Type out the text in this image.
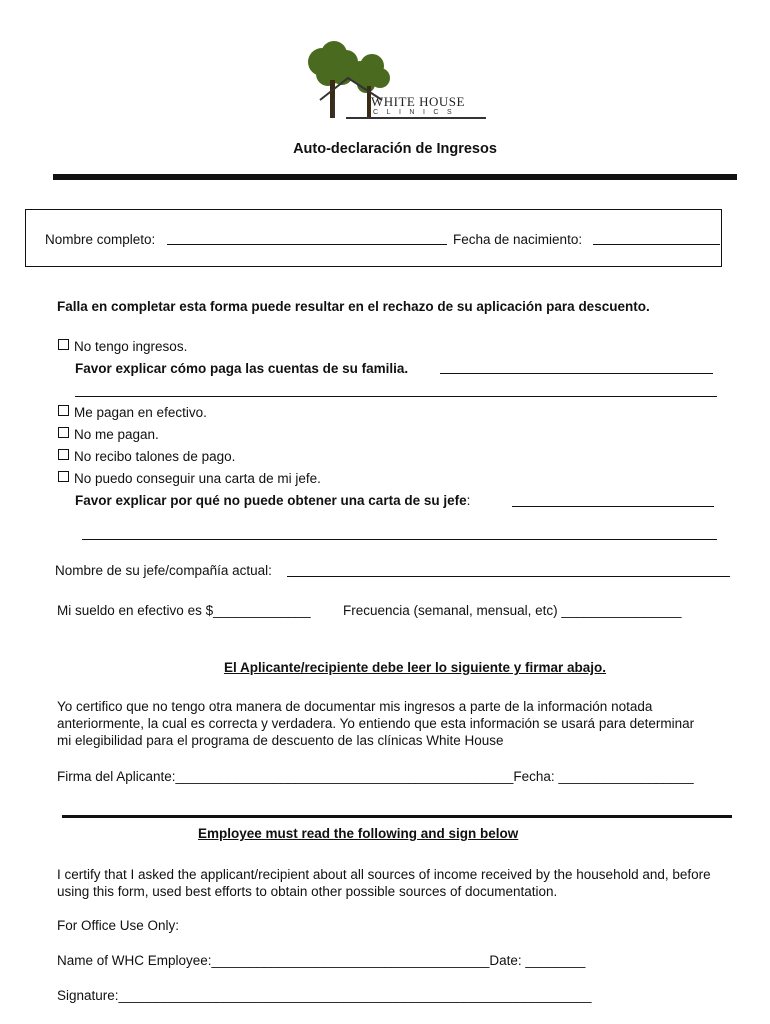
WHITE HOUSE
CLINICS
Auto-declaración de Ingresos
Nombre completo:	Fecha de nacimiento:
Falla en completar esta forma puede resultar en el rechazo de su aplicación para descuento.
No tengo ingresos.
Favor explicar cómo paga las cuentas de su familia.
Me pagan en efectivo.
No me pagan.
No recibo talones de pago.
No puedo conseguir una carta de mi jefe.
Favor explicar por qué no puede obtener una carta de su jefe:
Nombre de su jefe/compañía actual:
Mi sueldo en efectivo es $_____________ Frecuencia (semanal, mensual, etc) ________________
El Aplicante/recipiente debe leer lo siguiente y firmar abajo.
Yo certifico que no tengo otra manera de documentar mis ingresos a parte de la información notada
anteriormente, la cual es correcta y verdadera. Yo entiendo que esta información se usará para determinar
mi elegibilidad para el programa de descuento de las clínicas White House
Firma del Aplicante:_____________________________________________Fecha: __________________
Employee must read the following and sign below
I certify that I asked the applicant/recipient about all sources of income received by the household and, before
using this form, used best efforts to obtain other possible sources of documentation.
For Office Use Only:
Name of WHC Employee:_____________________________________Date: ________
Signature:_______________________________________________________________
